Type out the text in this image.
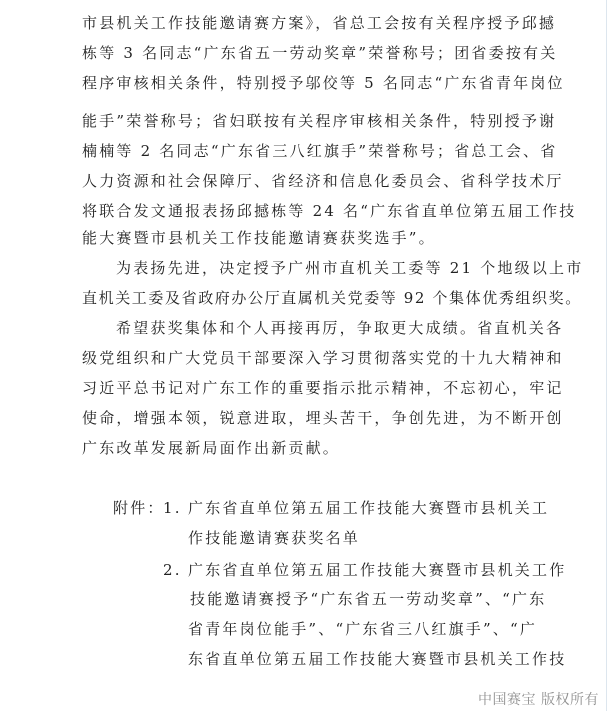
市县机关工作技能邀请赛方案》，省总工会按有关程序授予邱撼
栋等 3 名同志“广东省五一劳动奖章”荣誉称号；团省委按有关
程序审核相关条件，特别授予邬佼等 5 名同志“广东省青年岗位
能手”荣誉称号；省妇联按有关程序审核相关条件，特别授予谢
楠楠等 2 名同志“广东省三八红旗手”荣誉称号；省总工会、省
人力资源和社会保障厅、省经济和信息化委员会、省科学技术厅
将联合发文通报表扬邱撼栋等 24 名“广东省直单位第五届工作技
能大赛暨市县机关工作技能邀请赛获奖选手”。
为表扬先进，决定授予广州市直机关工委等 21 个地级以上市
直机关工委及省政府办公厅直属机关党委等 92 个集体优秀组织奖。
希望获奖集体和个人再接再厉，争取更大成绩。省直机关各
级党组织和广大党员干部要深入学习贯彻落实党的十九大精神和
习近平总书记对广东工作的重要指示批示精神，不忘初心，牢记
使命，增强本领，锐意进取，埋头苦干，争创先进，为不断开创
广东改革发展新局面作出新贡献。
附件：
1. 广东省直单位第五届工作技能大赛暨市县机关工
作技能邀请赛获奖名单
2. 广东省直单位第五届工作技能大赛暨市县机关工作
技能邀请赛授予“广东省五一劳动奖章”、“广东
省青年岗位能手”、“广东省三八红旗手”、“广
东省直单位第五届工作技能大赛暨市县机关工作技
中国赛宝 版权所有
